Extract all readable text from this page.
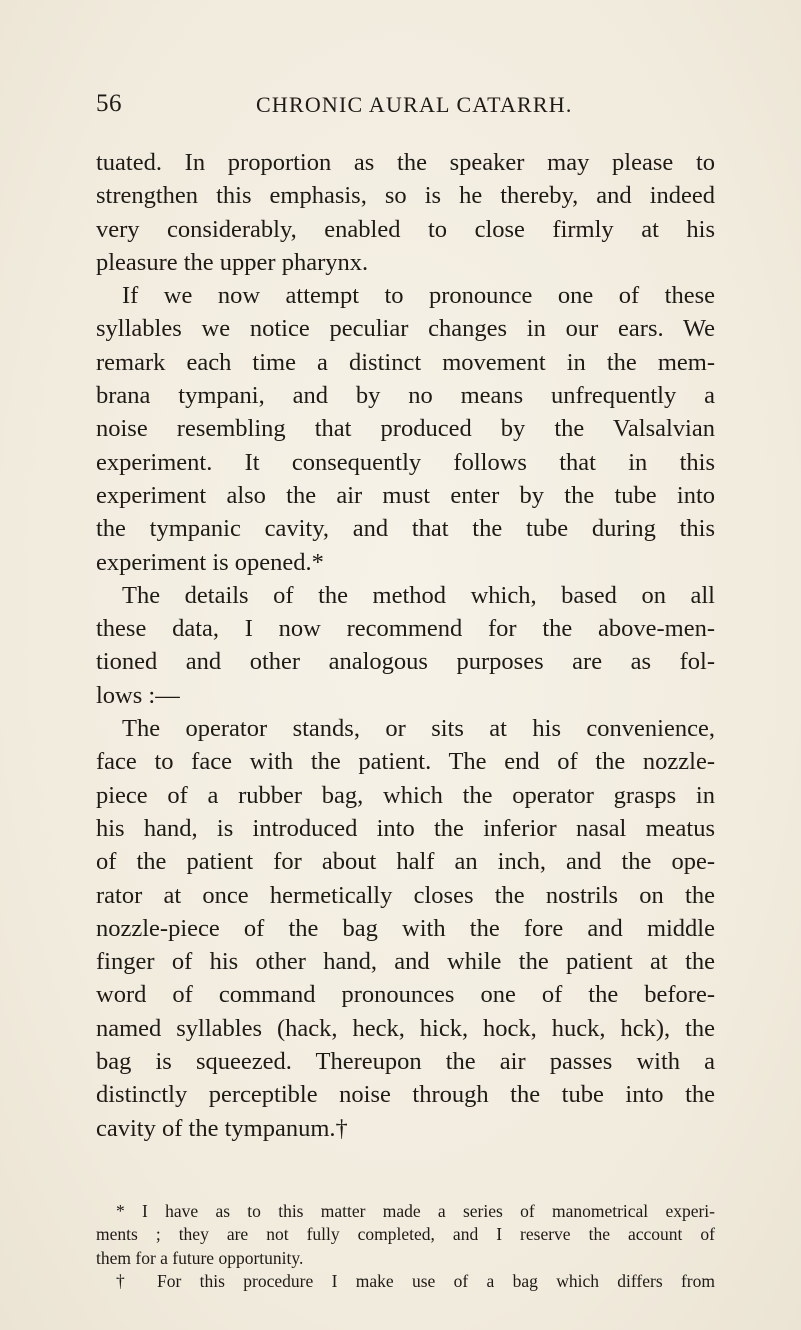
56	CHRONIC AURAL CATARRH.
tuated. In proportion as the speaker may please to
strengthen this emphasis, so is he thereby, and indeed
very considerably, enabled to close firmly at his
pleasure the upper pharynx.
If we now attempt to pronounce one of these
syllables we notice peculiar changes in our ears. We
remark each time a distinct movement in the mem-
brana tympani, and by no means unfrequently a
noise resembling that produced by the Valsalvian
experiment. It consequently follows that in this
experiment also the air must enter by the tube into
the tympanic cavity, and that the tube during this
experiment is opened.*
The details of the method which, based on all
these data, I now recommend for the above-men-
tioned and other analogous purposes are as fol-
lows :—
The operator stands, or sits at his convenience,
face to face with the patient. The end of the nozzle-
piece of a rubber bag, which the operator grasps in
his hand, is introduced into the inferior nasal meatus
of the patient for about half an inch, and the ope-
rator at once hermetically closes the nostrils on the
nozzle-piece of the bag with the fore and middle
finger of his other hand, and while the patient at the
word of command pronounces one of the before-
named syllables (hack, heck, hick, hock, huck, hck), the
bag is squeezed. Thereupon the air passes with a
distinctly perceptible noise through the tube into the
cavity of the tympanum.†
* I have as to this matter made a series of manometrical experi-
ments ; they are not fully completed, and I reserve the account of
them for a future opportunity.
† For this procedure I make use of a bag which differs from
